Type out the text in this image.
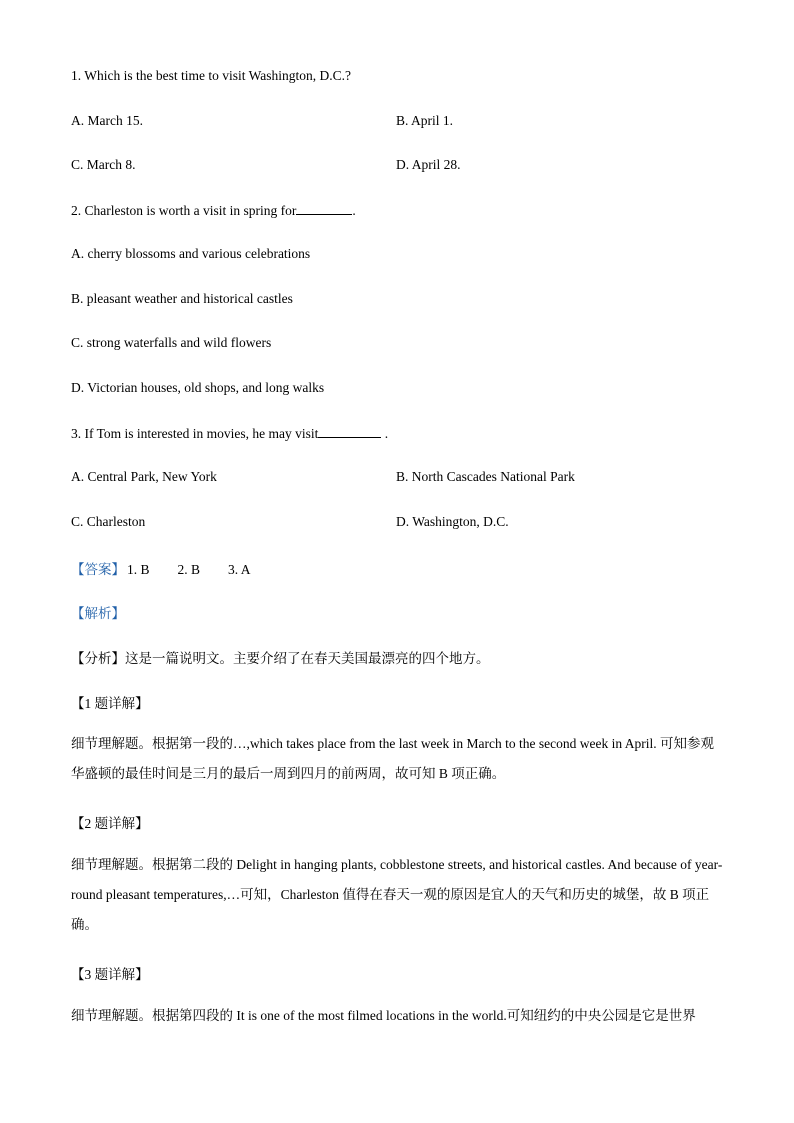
1. Which is the best time to visit Washington, D.C.?
A. March 15.	B. April 1.
C. March 8.	D. April 28.
2. Charleston is worth a visit in spring for	.
A. cherry blossoms and various celebrations
B. pleasant weather and historical castles
C. strong waterfalls and wild flowers
D. Victorian houses, old shops, and long walks
3. If Tom is interested in movies, he may visit	.
A. Central Park, New York	B. North Cascades National Park
C. Charleston	D. Washington, D.C.
【答案】 1. B 2. B 3. A
【解析】
【分析】这是一篇说明文。主要介绍了在春天美国最漂亮的四个地方。
【1 题详解】
细节理解题。根据第一段的…,which takes place from the last week in March to the second week in April. 可知参观华盛顿的最佳时间是三月的最后一周到四月的前两周，故可知 B 项正确。
【2 题详解】
细节理解题。根据第二段的 Delight in hanging plants, cobblestone streets, and historical castles. And because of year-round pleasant temperatures,…可知，Charleston 值得在春天一观的原因是宜人的天气和历史的城堡，故 B 项正确。
【3 题详解】
细节理解题。根据第四段的 It is one of the most filmed locations in the world.可知纽约的中央公园是它是世界
